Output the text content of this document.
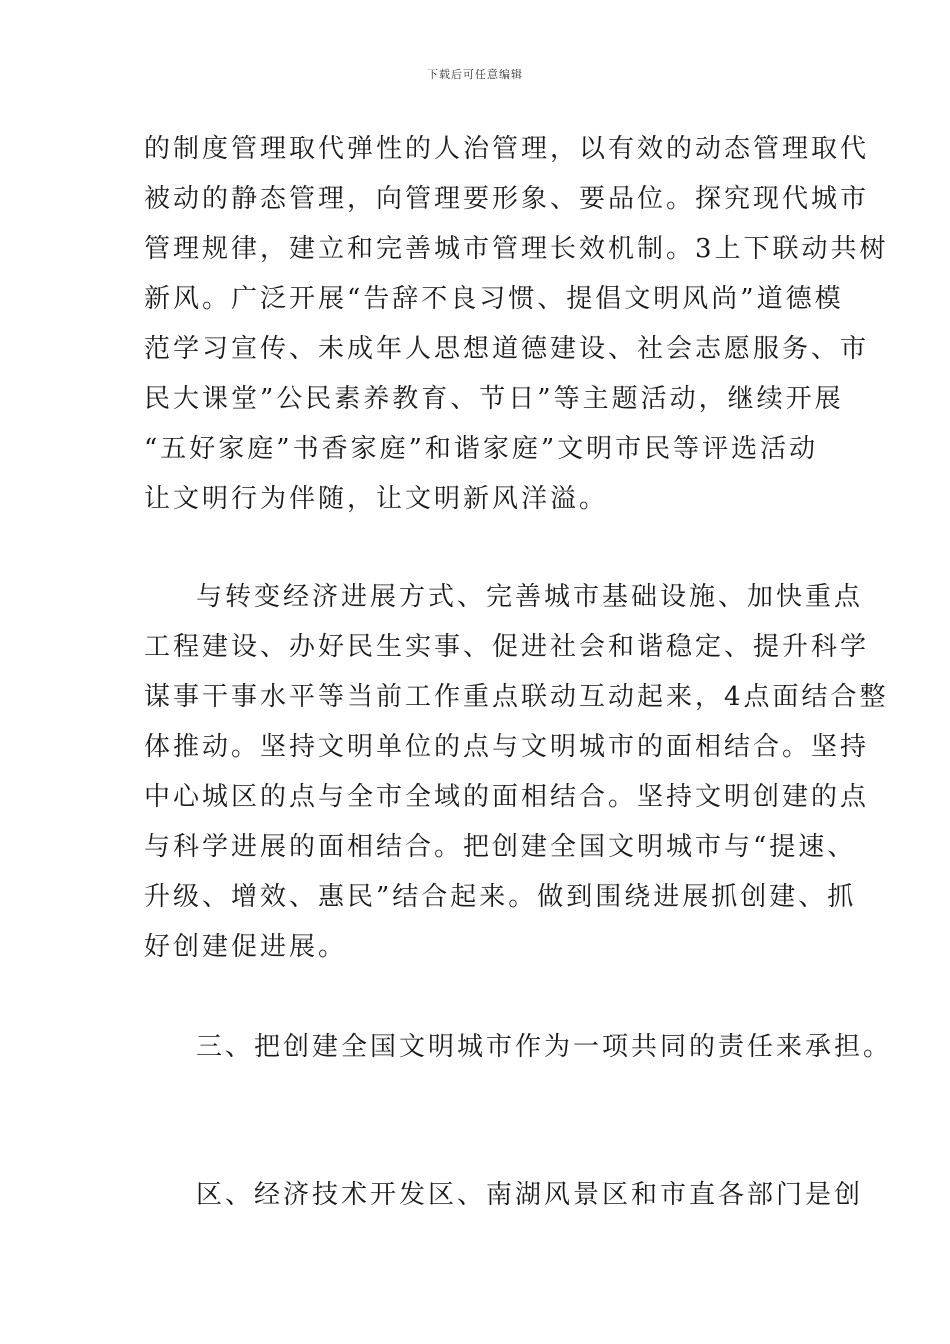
下载后可任意编辑
的制度管理取代弹性的人治管理，以有效的动态管理取代
被动的静态管理，向管理要形象、要品位。探究现代城市
管理规律，建立和完善城市管理长效机制。3上下联动共树
新风。广泛开展“告辞不良习惯、提倡文明风尚”道德模
范学习宣传、未成年人思想道德建设、社会志愿服务、市
民大课堂”公民素养教育、节日”等主题活动，继续开展
“五好家庭”书香家庭”和谐家庭”文明市民等评选活动
让文明行为伴随，让文明新风洋溢。
与转变经济进展方式、完善城市基础设施、加快重点
工程建设、办好民生实事、促进社会和谐稳定、提升科学
谋事干事水平等当前工作重点联动互动起来，4点面结合整
体推动。坚持文明单位的点与文明城市的面相结合。坚持
中心城区的点与全市全域的面相结合。坚持文明创建的点
与科学进展的面相结合。把创建全国文明城市与“提速、
升级、增效、惠民”结合起来。做到围绕进展抓创建、抓
好创建促进展。
三、把创建全国文明城市作为一项共同的责任来承担。
区、经济技术开发区、南湖风景区和市直各部门是创
